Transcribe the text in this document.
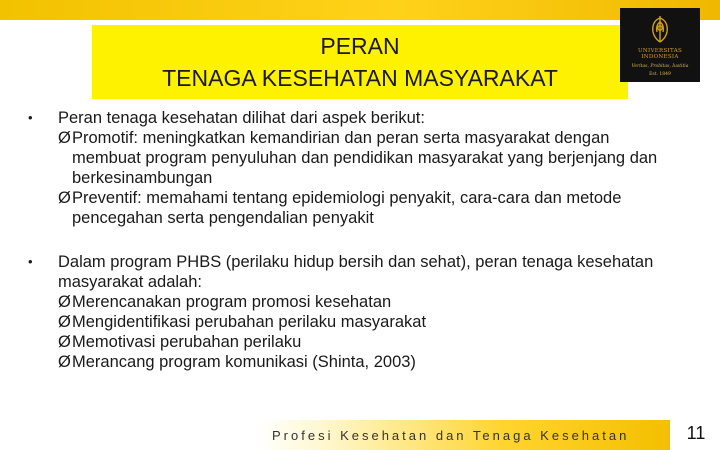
PERAN
TENAGA KESEHATAN MASYARAKAT
UNIVERSITAS
INDONESIA
Veritas, Probitas, Iustitia
Est. 1849
• Peran tenaga kesehatan dilihat dari aspek berikut:
Ø Promotif: meningkatkan kemandirian dan peran serta masyarakat dengan membuat program penyuluhan dan pendidikan masyarakat yang berjenjang dan berkesinambungan
Ø Preventif: memahami tentang epidemiologi penyakit, cara-cara dan metode pencegahan serta pengendalian penyakit
• Dalam program PHBS (perilaku hidup bersih dan sehat), peran tenaga kesehatan masyarakat adalah:
Ø Merencanakan program promosi kesehatan
Ø Mengidentifikasi perubahan perilaku masyarakat
Ø Memotivasi perubahan perilaku
Ø Merancang program komunikasi (Shinta, 2003)
Profesi Kesehatan dan Tenaga Kesehatan	11
